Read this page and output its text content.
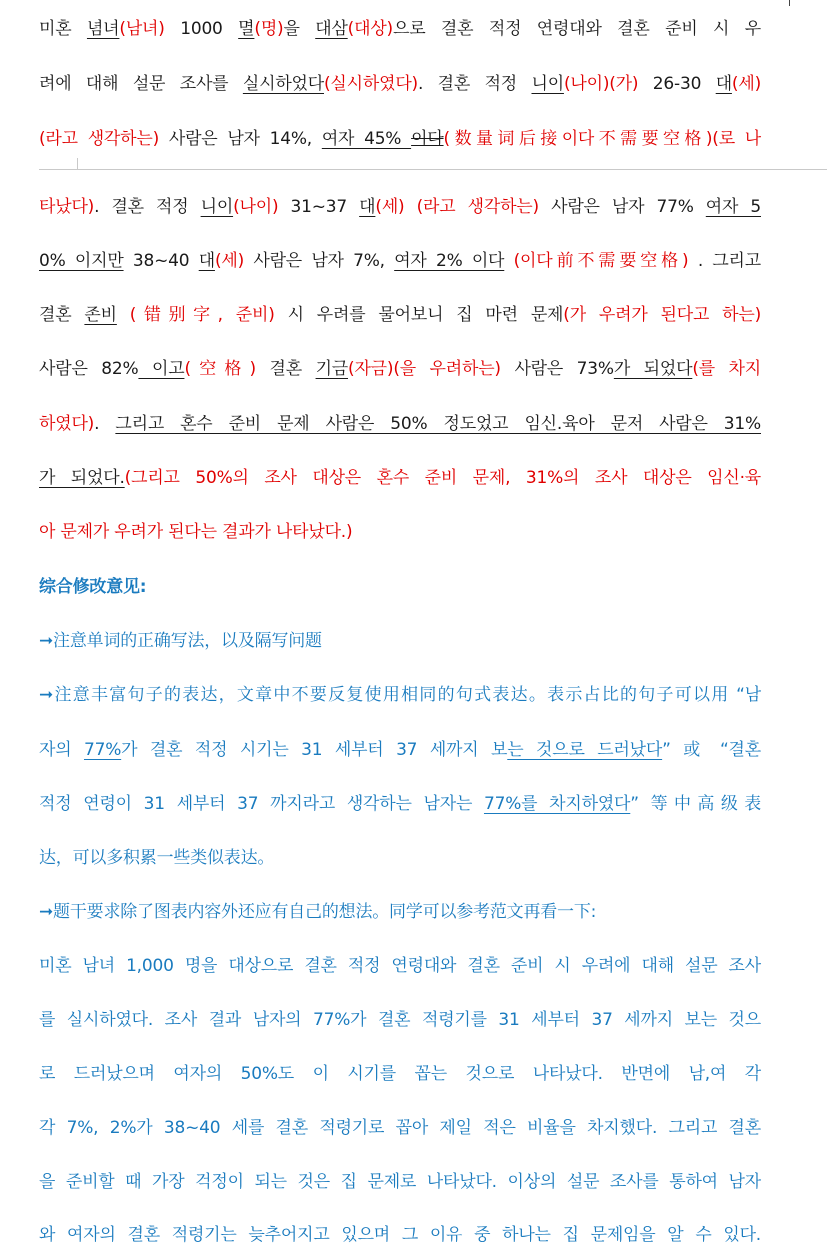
미혼 념녀(남녀) 1000 멸(명)을 대삼(대상)으로 결혼 적정 연령대와 결혼 준비 시 우
려에 대해 설문 조사를 실시하었다(실시하였다). 결혼 적정 니이(나이)(가) 26-30 대(세)
(라고 생각하는) 사람은 남자 14%, 여자 45% 이다(数量词后接이다不需要空格)(로 나
타났다). 결혼 적정 니이(나이) 31~37 대(세) (라고 생각하는) 사람은 남자 77% 여자 5
0% 이지만 38~40 대(세) 사람은 남자 7%, 여자 2% 이다 (이다前不需要空格) . 그리고
결혼 존비 (错别字, 준비) 시 우려를 물어보니 집 마련 문제(가 우려가 된다고 하는)
사람은 82% 이고(空格) 결혼 기금(자금)(을 우려하는) 사람은 73%가 되었다(를 차지
하였다). 그리고 혼수 준비 문제 사람은 50% 정도었고 임신.육아 문저 사람은 31%
가 되었다.(그리고 50%의 조사 대상은 혼수 준비 문제, 31%의 조사 대상은 임신·육
아 문제가 우려가 된다는 결과가 나타났다.)
综合修改意见:
➞注意单词的正确写法，以及隔写问题
➞注意丰富句子的表达，文章中不要反复使用相同的句式表达。表示占比的句子可以用 “남
자의 77%가 결혼 적정 시기는 31 세부터 37 세까지 보는 것으로 드러났다” 或 “결혼
적정 연령이 31 세부터 37 까지라고 생각하는 남자는 77%를 차지하였다” 等中高级表
达，可以多积累一些类似表达。
➞题干要求除了图表内容外还应有自己的想法。同学可以参考范文再看一下:
미혼 남녀 1,000 명을 대상으로 결혼 적정 연령대와 결혼 준비 시 우려에 대해 설문 조사
를 실시하였다. 조사 결과 남자의 77%가 결혼 적령기를 31 세부터 37 세까지 보는 것으
로 드러났으며 여자의 50%도 이 시기를 꼽는 것으로 나타났다. 반면에 남,여 각
각 7%, 2%가 38~40 세를 결혼 적령기로 꼽아 제일 적은 비율을 차지했다. 그리고 결혼
을 준비할 때 가장 걱정이 되는 것은 집 문제로 나타났다. 이상의 설문 조사를 통하여 남자
와 여자의 결혼 적령기는 늦추어지고 있으며 그 이유 중 하나는 집 문제임을 알 수 있다.
